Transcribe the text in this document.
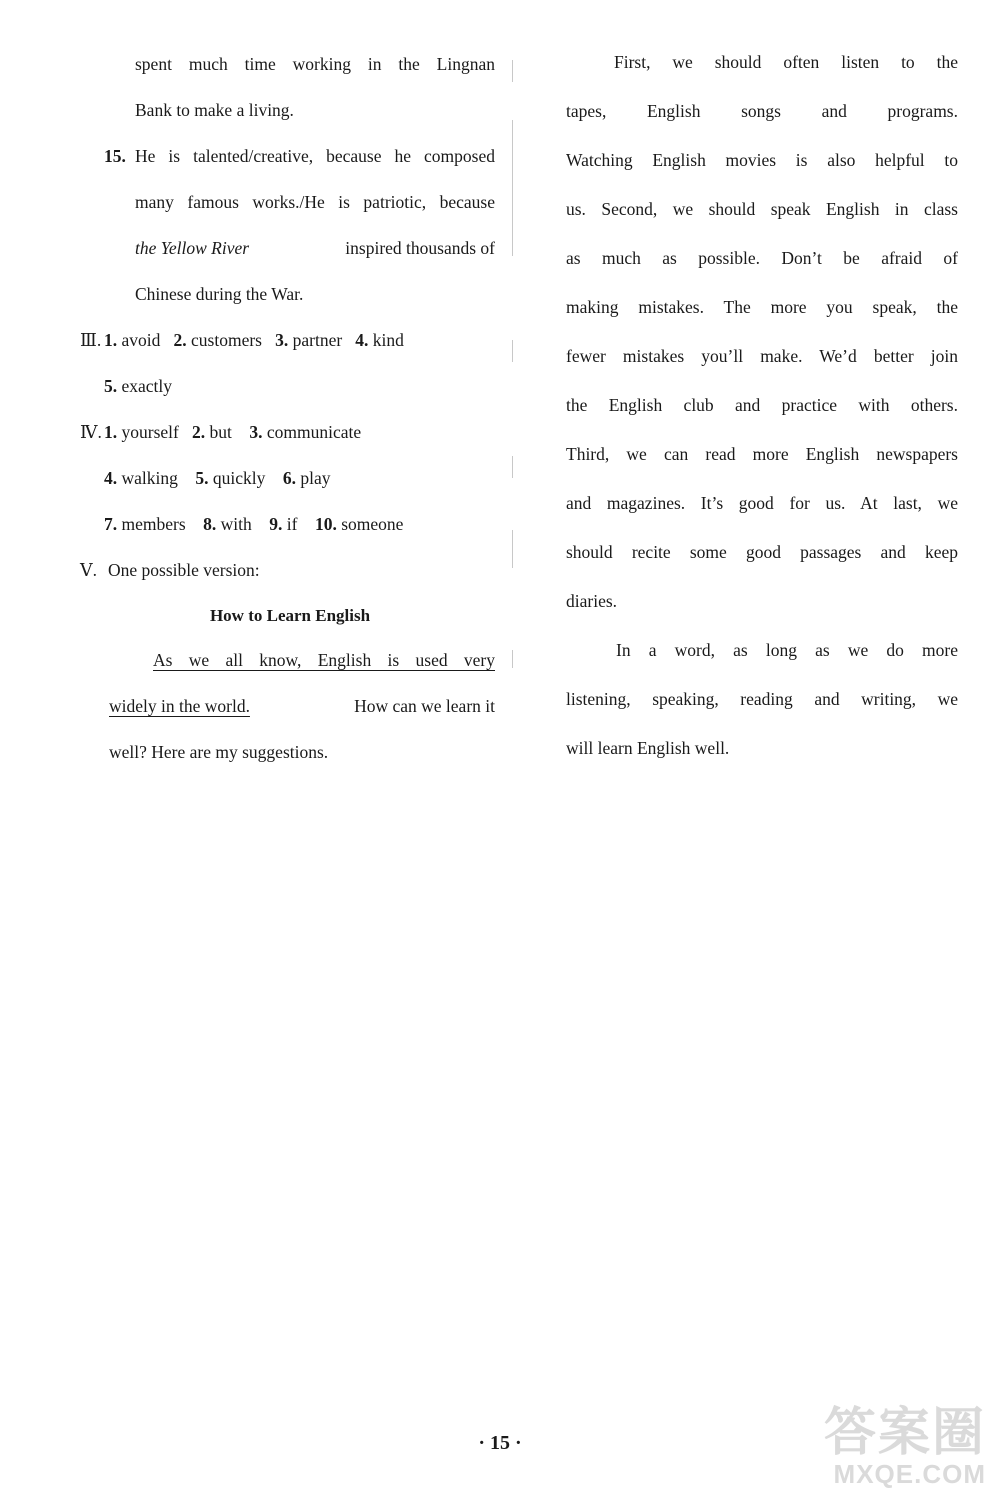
spent much time working in the Lingnan
Bank to make a living.
15. He is talented/creative, because he composed
many famous works./He is patriotic, because
the Yellow River	inspired thousands of
Chinese during the War.
Ⅲ. 1. avoid 2. customers 3. partner 4. kind
5. exactly
Ⅳ. 1. yourself 2. but 3. communicate
4. walking 5. quickly 6. play
7. members 8. with 9. if 10. someone
Ⅴ. One possible version:
How to Learn English
As we all know, English is used very
widely in the world.	How can we learn it
well? Here are my suggestions.
First, we should often listen to the
tapes, English songs and programs.
Watching English movies is also helpful to
us. Second, we should speak English in class
as much as possible. Don’t be afraid of
making mistakes. The more you speak, the
fewer mistakes you’ll make. We’d better join
the English club and practice with others.
Third, we can read more English newspapers
and magazines. It’s good for us. At last, we
should recite some good passages and keep
diaries.
In a word, as long as we do more
listening, speaking, reading and writing, we
will learn English well.
· 15 ·	答案圈
MXQE.COM
